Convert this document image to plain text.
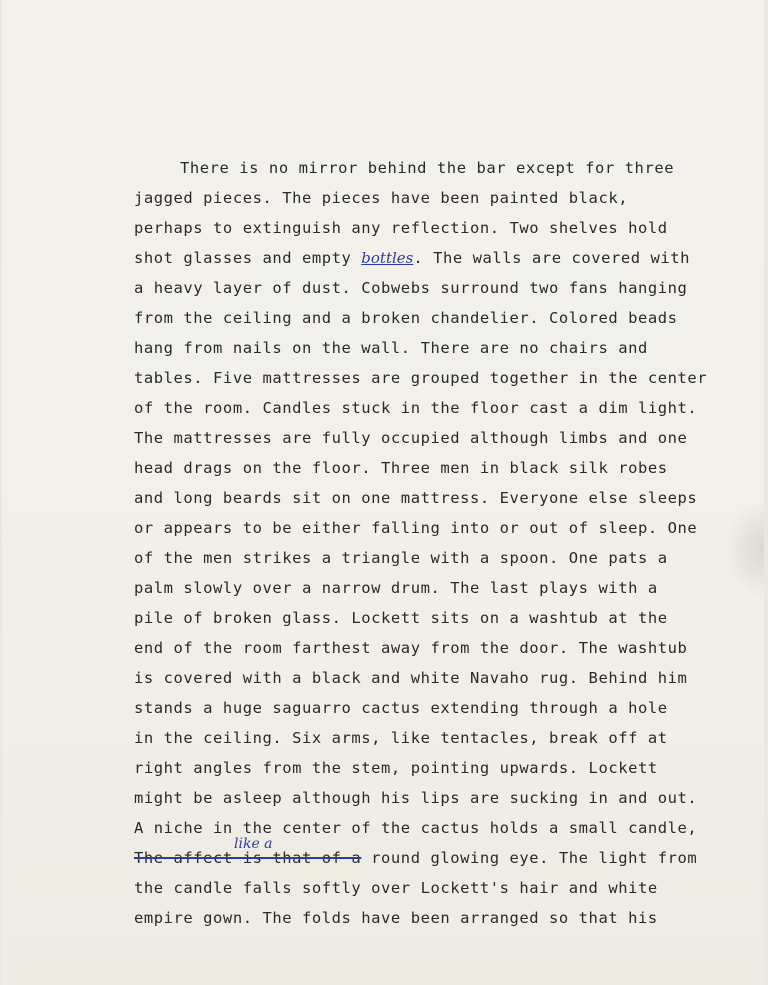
There is no mirror behind the bar except for three
jagged pieces. The pieces have been painted black,
perhaps to extinguish any reflection. Two shelves hold
shot glasses and empty bottles. The walls are covered with
a heavy layer of dust. Cobwebs surround two fans hanging
from the ceiling and a broken chandelier. Colored beads
hang from nails on the wall. There are no chairs and
tables. Five mattresses are grouped together in the center
of the room. Candles stuck in the floor cast a dim light.
The mattresses are fully occupied although limbs and one
head drags on the floor. Three men in black silk robes
and long beards sit on one mattress. Everyone else sleeps
or appears to be either falling into or out of sleep. One
of the men strikes a triangle with a spoon. One pats a
palm slowly over a narrow drum. The last plays with a
pile of broken glass. Lockett sits on a washtub at the
end of the room farthest away from the door. The washtub
is covered with a black and white Navaho rug. Behind him
stands a huge saguarro cactus extending through a hole
in the ceiling. Six arms, like tentacles, break off at
right angles from the stem, pointing upwards. Lockett
might be asleep although his lips are sucking in and out.
A niche in the center of the cactus holds a small candle,
like a
The affect is that of a round glowing eye. The light from
the candle falls softly over Lockett's hair and white
empire gown. The folds have been arranged so that his
